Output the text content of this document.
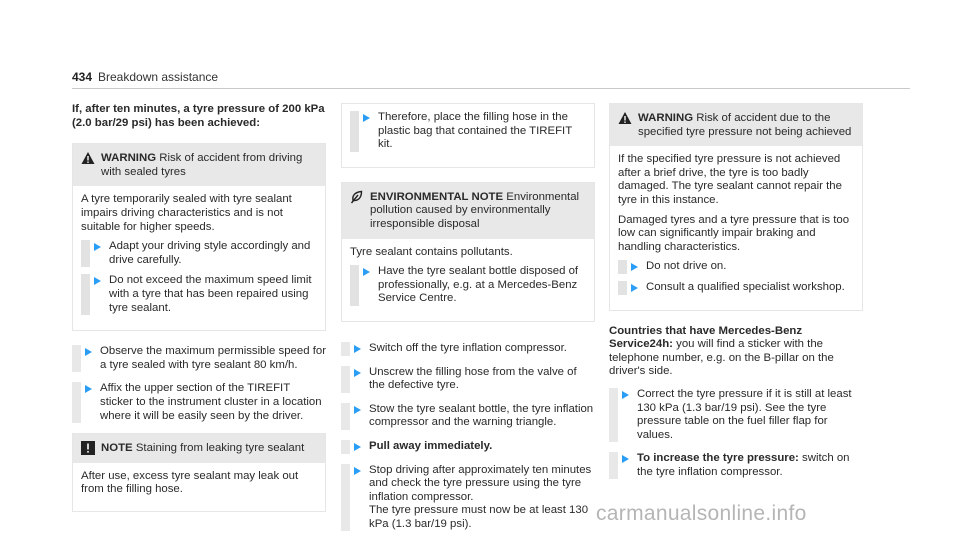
434 Breakdown assistance

If, after ten minutes, a tyre pressure of 200 kPa (2.0 bar/29 psi) has been achieved:

WARNING Risk of accident from driving with sealed tyres

A tyre temporarily sealed with tyre sealant impairs driving characteristics and is not suitable for higher speeds.

Adapt your driving style accordingly and drive carefully.
Do not exceed the maximum speed limit with a tyre that has been repaired using tyre sealant.
Observe the maximum permissible speed for a tyre sealed with tyre sealant 80 km/h.
Affix the upper section of the TIREFIT sticker to the instrument cluster in a location where it will be easily seen by the driver.
NOTE Staining from leaking tyre sealant

After use, excess tyre sealant may leak out from the filling hose.

Therefore, place the filling hose in the plastic bag that contained the TIREFIT kit.
ENVIRONMENTAL NOTE Environmental pollution caused by environmentally irresponsible disposal

Tyre sealant contains pollutants.

Have the tyre sealant bottle disposed of professionally, e.g. at a Mercedes-Benz Service Centre.
Switch off the tyre inflation compressor.
Unscrew the filling hose from the valve of the defective tyre.
Stow the tyre sealant bottle, the tyre inflation compressor and the warning triangle.
Pull away immediately.
Stop driving after approximately ten minutes and check the tyre pressure using the tyre inflation compressor.
The tyre pressure must now be at least 130 kPa (1.3 bar/19 psi).
WARNING Risk of accident due to the specified tyre pressure not being achieved

If the specified tyre pressure is not achieved after a brief drive, the tyre is too badly damaged. The tyre sealant cannot repair the tyre in this instance.

Damaged tyres and a tyre pressure that is too low can significantly impair braking and handling characteristics.

Do not drive on.
Consult a qualified specialist workshop.

Countries that have Mercedes-Benz Service24h: you will find a sticker with the telephone number, e.g. on the B-pillar on the driver's side.

Correct the tyre pressure if it is still at least 130 kPa (1.3 bar/19 psi). See the tyre pressure table on the fuel filler flap for values.
To increase the tyre pressure: switch on the tyre inflation compressor.
carmanualsonline.info
